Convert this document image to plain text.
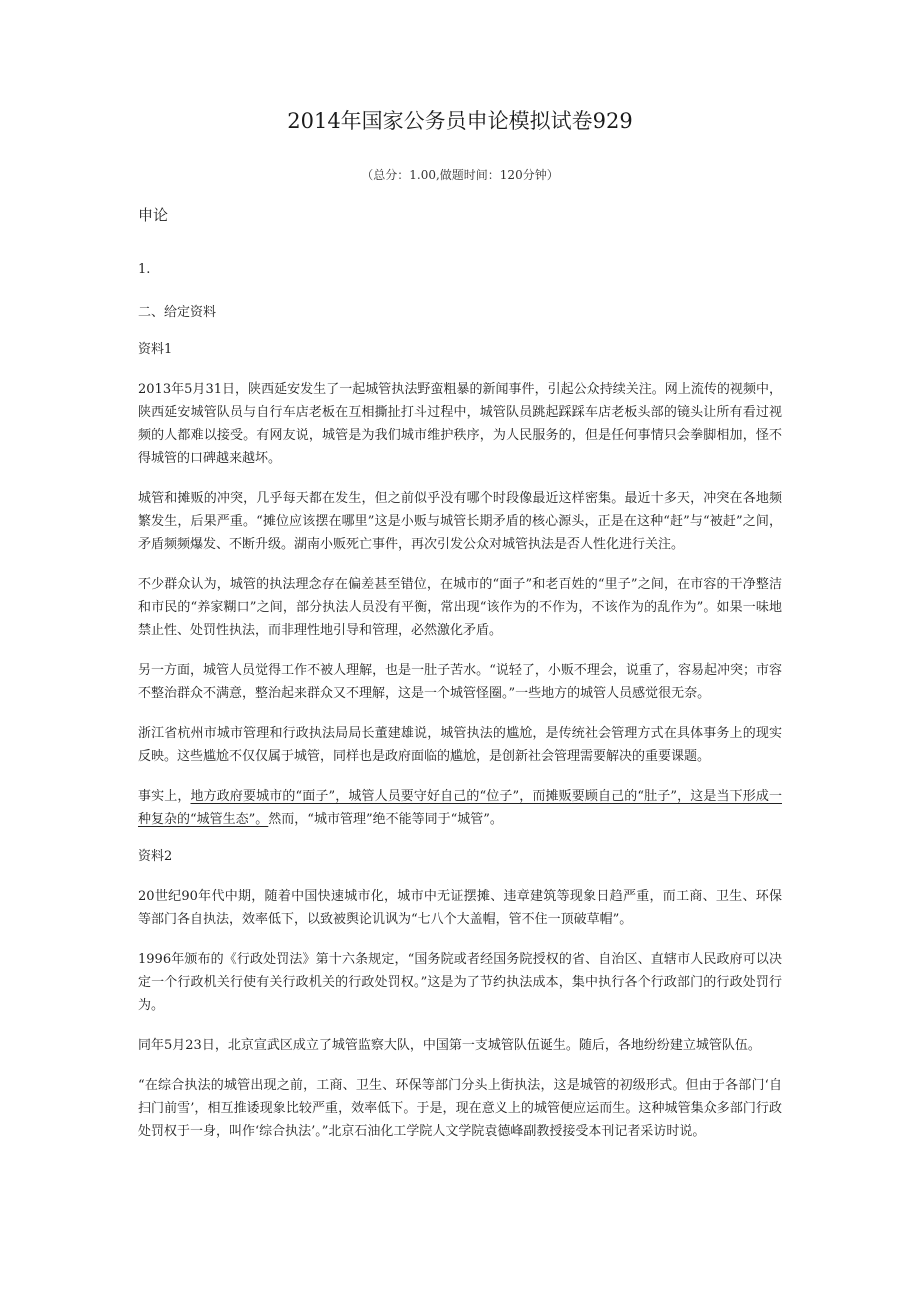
2014年国家公务员申论模拟试卷929
（总分：1.00,做题时间：120分钟）
申论

1.

二、给定资料

资料1

2013年5月31日，陕西延安发生了一起城管执法野蛮粗暴的新闻事件，引起公众持续关注。网上流传的视频中，陕西延安城管队员与自行车店老板在互相撕扯打斗过程中，城管队员跳起踩踩车店老板头部的镜头让所有看过视频的人都难以接受。有网友说，城管是为我们城市维护秩序，为人民服务的，但是任何事情只会拳脚相加，怪不得城管的口碑越来越坏。

城管和摊贩的冲突，几乎每天都在发生，但之前似乎没有哪个时段像最近这样密集。最近十多天，冲突在各地频繁发生，后果严重。“摊位应该摆在哪里”这是小贩与城管长期矛盾的核心源头，正是在这种“赶”与“被赶”之间，矛盾频频爆发、不断升级。湖南小贩死亡事件，再次引发公众对城管执法是否人性化进行关注。

不少群众认为，城管的执法理念存在偏差甚至错位，在城市的“面子”和老百姓的“里子”之间，在市容的干净整洁和市民的“养家糊口”之间，部分执法人员没有平衡，常出现“该作为的不作为，不该作为的乱作为”。如果一味地禁止性、处罚性执法，而非理性地引导和管理，必然激化矛盾。

另一方面，城管人员觉得工作不被人理解，也是一肚子苦水。“说轻了，小贩不理会，说重了，容易起冲突；市容不整治群众不满意，整治起来群众又不理解，这是一个城管怪圈。”一些地方的城管人员感觉很无奈。

浙江省杭州市城市管理和行政执法局局长董建雄说，城管执法的尴尬，是传统社会管理方式在具体事务上的现实反映。这些尴尬不仅仅属于城管，同样也是政府面临的尴尬，是创新社会管理需要解决的重要课题。

事实上，地方政府要城市的“面子”，城管人员要守好自己的“位子”，而摊贩要顾自己的“肚子”，这是当下形成一种复杂的“城管生态”。然而，“城市管理”绝不能等同于“城管”。

资料2

20世纪90年代中期，随着中国快速城市化，城市中无证摆摊、违章建筑等现象日趋严重，而工商、卫生、环保等部门各自执法，效率低下，以致被舆论讥讽为“七八个大盖帽，管不住一顶破草帽”。

1996年颁布的《行政处罚法》第十六条规定，“国务院或者经国务院授权的省、自治区、直辖市人民政府可以决定一个行政机关行使有关行政机关的行政处罚权。”这是为了节约执法成本，集中执行各个行政部门的行政处罚行为。

同年5月23日，北京宣武区成立了城管监察大队，中国第一支城管队伍诞生。随后，各地纷纷建立城管队伍。

“在综合执法的城管出现之前，工商、卫生、环保等部门分头上街执法，这是城管的初级形式。但由于各部门‘自扫门前雪’，相互推诿现象比较严重，效率低下。于是，现在意义上的城管便应运而生。这种城管集众多部门行政处罚权于一身，叫作‘综合执法’。”北京石油化工学院人文学院袁德峰副教授接受本刊记者采访时说。
